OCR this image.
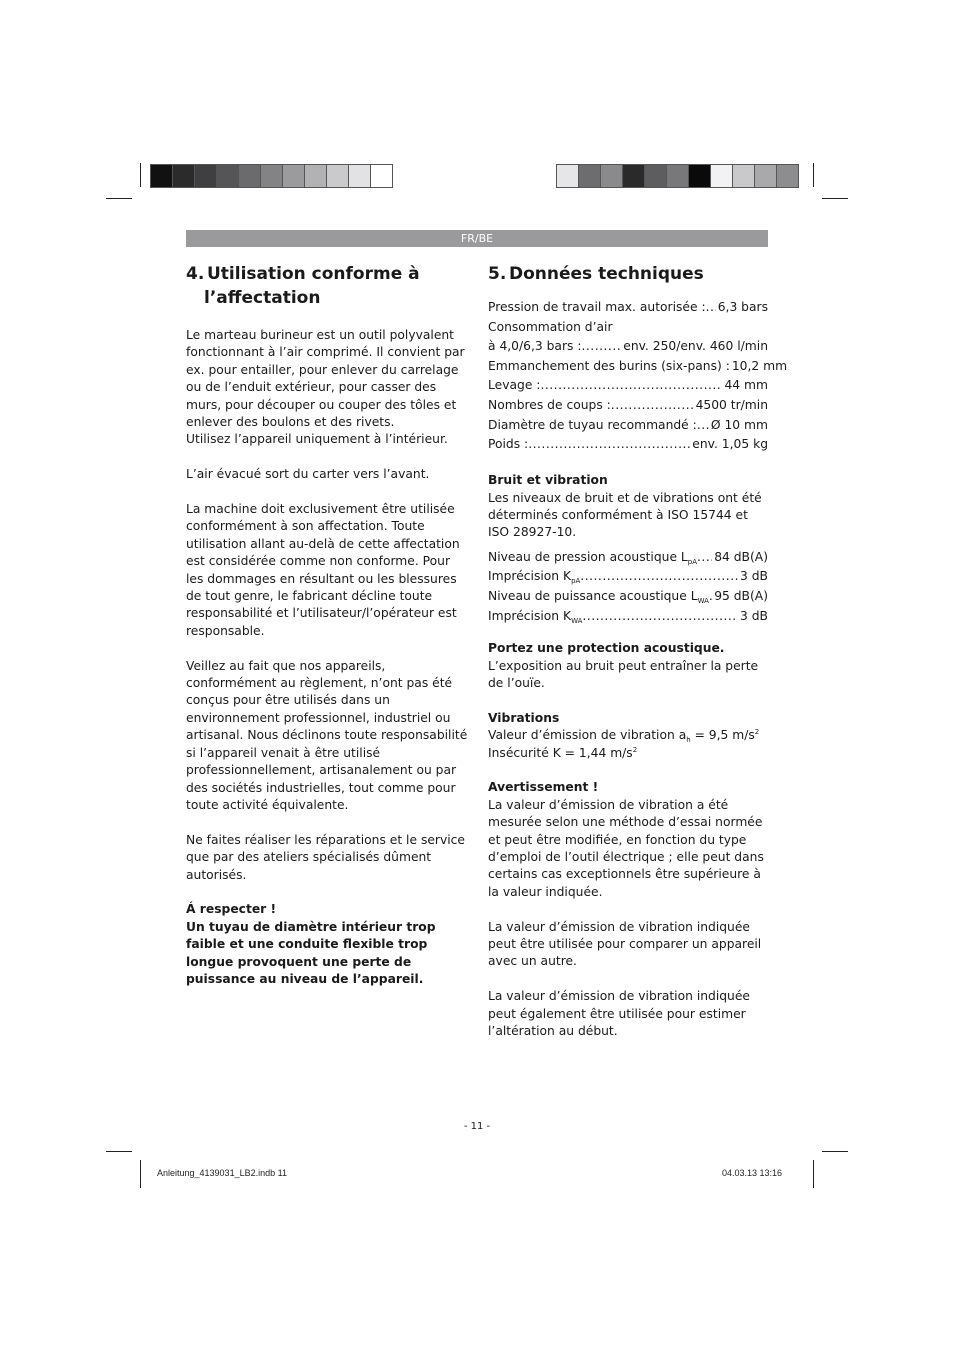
FR/BE
4. Utilisation conforme à
l’affectation

Le marteau burineur est un outil polyvalent fonctionnant à l’air comprimé. Il convient par ex. pour entailler, pour enlever du carrelage ou de l’enduit extérieur, pour casser des murs, pour découper ou couper des tôles et enlever des boulons et des rivets.

Utilisez l’appareil uniquement à l’intérieur.

L’air évacué sort du carter vers l’avant.

La machine doit exclusivement être utilisée conformément à son affectation. Toute utilisation allant au-delà de cette affectation est considérée comme non conforme. Pour les dommages en résultant ou les blessures de tout genre, le fabricant décline toute responsabilité et l’utilisateur/l’opérateur est responsable.

Veillez au fait que nos appareils, conformément au règlement, n’ont pas été conçus pour être utilisés dans un environnement professionnel, industriel ou artisanal. Nous déclinons toute responsabilité si l’appareil venait à être utilisé professionnellement, artisanalement ou par des sociétés industrielles, tout comme pour toute activité équivalente.

Ne faites réaliser les réparations et le service que par des ateliers spécialisés dûment autorisés.

Á respecter !

Un tuyau de diamètre intérieur trop faible et une conduite flexible trop longue provoquent une perte de puissance au niveau de l’appareil.

5. Données techniques
Pression de travail max. autorisée : ..... 6,3 bars
Consommation d’air
à 4,0/6,3 bars : .....	env. 250/env. 460 l/min
Emmanchement des burins (six-pans) : 10,2 mm
Levage : .....	44 mm
Nombres de coups : .....	4500 tr/min
Diamètre de tuyau recommandé : ..... Ø 10 mm
Poids : .....	env. 1,05 kg

Bruit et vibration

Les niveaux de bruit et de vibrations ont été déterminés conformément à ISO 15744 et ISO 28927-10.

Niveau de pression acoustique $L_{pA}$ ..... 84 dB(A)
Imprécision $K_{pA}$ .....	3 dB
Niveau de puissance acoustique $L_{WA}$ ..... 95 dB(A)
Imprécision $K_{WA}$ .....	3 dB

Portez une protection acoustique.

L’exposition au bruit peut entraîner la perte de l’ouïe.

Vibrations

Valeur d’émission de vibration $a_h = 9,5$ $m/s^2$

Insécurité K = 1,44 $m/s^2$

Avertissement !

La valeur d’émission de vibration a été mesurée selon une méthode d’essai normée et peut être modifiée, en fonction du type d’emploi de l’outil électrique ; elle peut dans certains cas exceptionnels être supérieure à la valeur indiquée.

La valeur d’émission de vibration indiquée peut être utilisée pour comparer un appareil avec un autre.

La valeur d’émission de vibration indiquée peut également être utilisée pour estimer l’altération au début.

- 11 -
Anleitung_4139031_LB2.indb 11	04.03.13 13:16
